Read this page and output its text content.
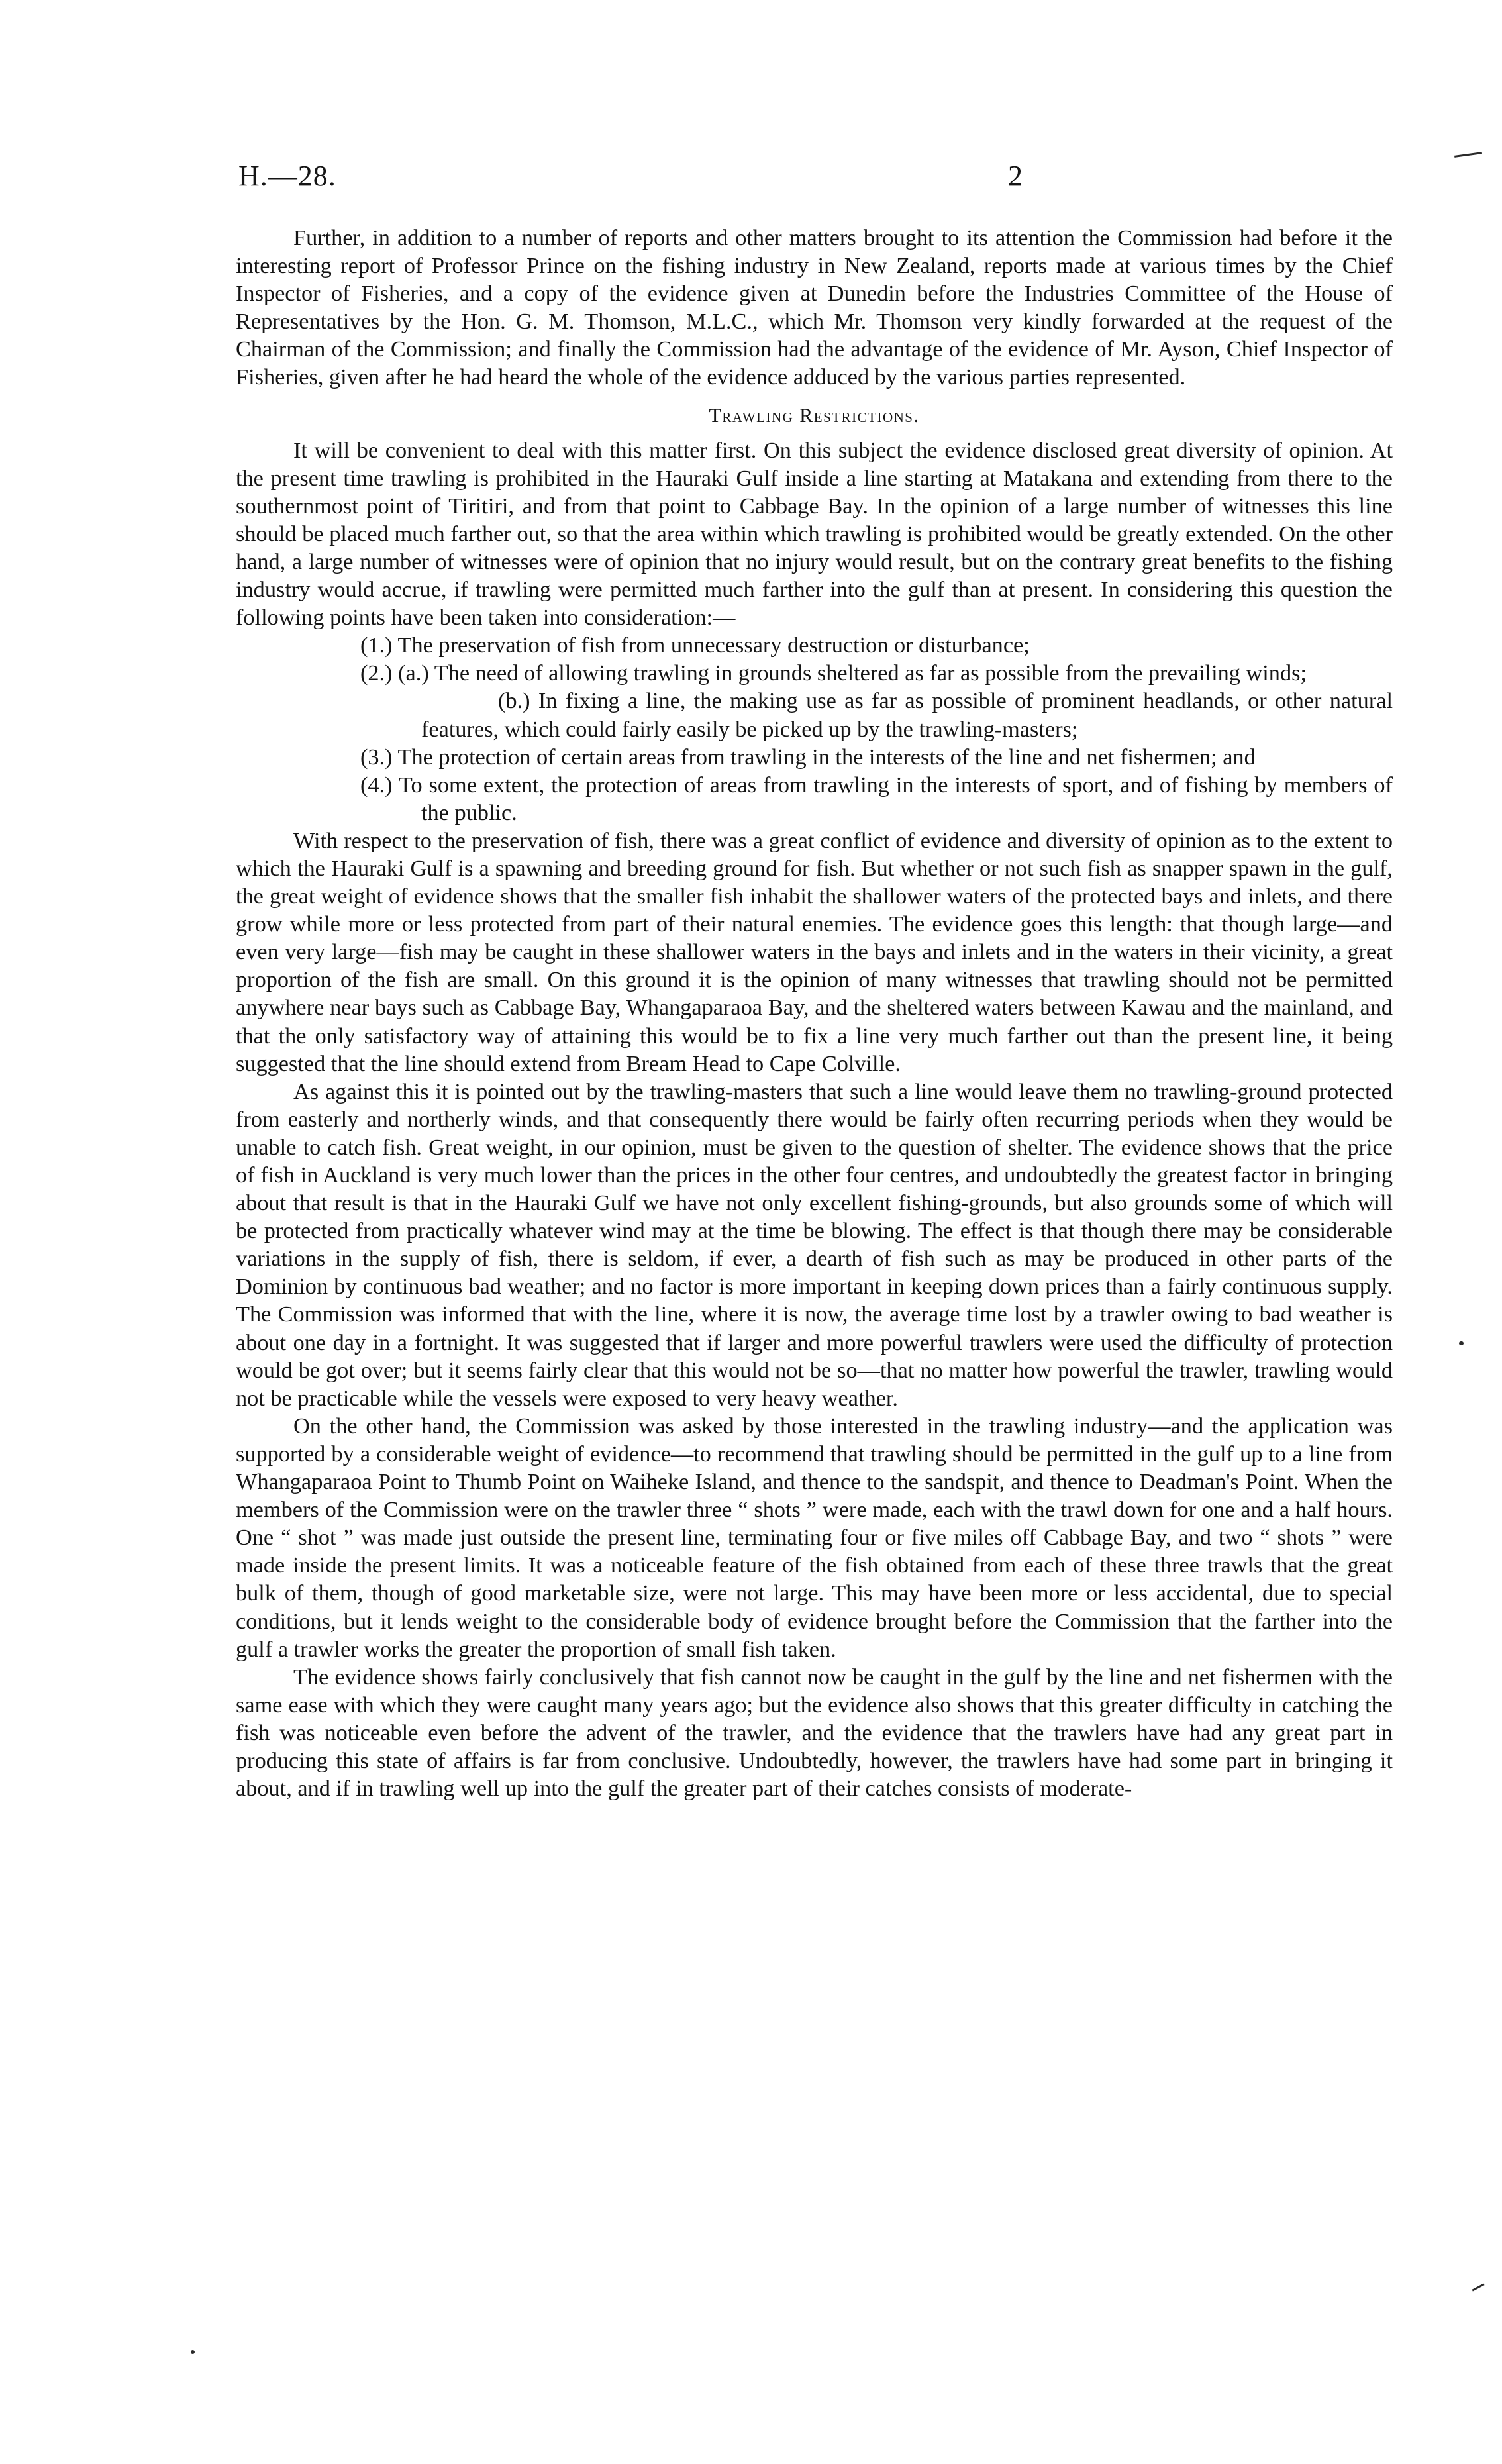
H.—28.	2

Further, in addition to a number of reports and other matters brought to its attention the Commission had before it the interesting report of Professor Prince on the fishing industry in New Zealand, reports made at various times by the Chief Inspector of Fisheries, and a copy of the evidence given at Dunedin before the Industries Committee of the House of Representatives by the Hon. G. M. Thomson, M.L.C., which Mr. Thomson very kindly forwarded at the request of the Chairman of the Commission; and finally the Commission had the advantage of the evidence of Mr. Ayson, Chief Inspector of Fisheries, given after he had heard the whole of the evidence adduced by the various parties represented.

Trawling Restrictions.

It will be convenient to deal with this matter first. On this subject the evidence disclosed great diversity of opinion. At the present time trawling is prohibited in the Hauraki Gulf inside a line starting at Matakana and extending from there to the southernmost point of Tiritiri, and from that point to Cabbage Bay. In the opinion of a large number of witnesses this line should be placed much farther out, so that the area within which trawling is prohibited would be greatly extended. On the other hand, a large number of witnesses were of opinion that no injury would result, but on the contrary great benefits to the fishing industry would accrue, if trawling were permitted much farther into the gulf than at present. In considering this question the following points have been taken into consideration:—

(1.) The preservation of fish from unnecessary destruction or disturbance;
(2.) (a.) The need of allowing trawling in grounds sheltered as far as possible from the prevailing winds;
(b.) In fixing a line, the making use as far as possible of prominent headlands, or other natural features, which could fairly easily be picked up by the trawling-masters;
(3.) The protection of certain areas from trawling in the interests of the line and net fishermen; and
(4.) To some extent, the protection of areas from trawling in the interests of sport, and of fishing by members of the public.

With respect to the preservation of fish, there was a great conflict of evidence and diversity of opinion as to the extent to which the Hauraki Gulf is a spawning and breeding ground for fish. But whether or not such fish as snapper spawn in the gulf, the great weight of evidence shows that the smaller fish inhabit the shallower waters of the protected bays and inlets, and there grow while more or less protected from part of their natural enemies. The evidence goes this length: that though large—and even very large—fish may be caught in these shallower waters in the bays and inlets and in the waters in their vicinity, a great proportion of the fish are small. On this ground it is the opinion of many witnesses that trawling should not be permitted anywhere near bays such as Cabbage Bay, Whangaparaoa Bay, and the sheltered waters between Kawau and the mainland, and that the only satisfactory way of attaining this would be to fix a line very much farther out than the present line, it being suggested that the line should extend from Bream Head to Cape Colville.

As against this it is pointed out by the trawling-masters that such a line would leave them no trawling-ground protected from easterly and northerly winds, and that consequently there would be fairly often recurring periods when they would be unable to catch fish. Great weight, in our opinion, must be given to the question of shelter. The evidence shows that the price of fish in Auckland is very much lower than the prices in the other four centres, and undoubtedly the greatest factor in bringing about that result is that in the Hauraki Gulf we have not only excellent fishing-grounds, but also grounds some of which will be protected from practically whatever wind may at the time be blowing. The effect is that though there may be considerable variations in the supply of fish, there is seldom, if ever, a dearth of fish such as may be produced in other parts of the Dominion by continuous bad weather; and no factor is more important in keeping down prices than a fairly continuous supply. The Commission was informed that with the line, where it is now, the average time lost by a trawler owing to bad weather is about one day in a fortnight. It was suggested that if larger and more powerful trawlers were used the difficulty of protection would be got over; but it seems fairly clear that this would not be so—that no matter how powerful the trawler, trawling would not be practicable while the vessels were exposed to very heavy weather.

On the other hand, the Commission was asked by those interested in the trawling industry—and the application was supported by a considerable weight of evidence—to recommend that trawling should be permitted in the gulf up to a line from Whangaparaoa Point to Thumb Point on Waiheke Island, and thence to the sandspit, and thence to Deadman's Point. When the members of the Commission were on the trawler three “ shots ” were made, each with the trawl down for one and a half hours. One “ shot ” was made just outside the present line, terminating four or five miles off Cabbage Bay, and two “ shots ” were made inside the present limits. It was a noticeable feature of the fish obtained from each of these three trawls that the great bulk of them, though of good marketable size, were not large. This may have been more or less accidental, due to special conditions, but it lends weight to the considerable body of evidence brought before the Commission that the farther into the gulf a trawler works the greater the proportion of small fish taken.

The evidence shows fairly conclusively that fish cannot now be caught in the gulf by the line and net fishermen with the same ease with which they were caught many years ago; but the evidence also shows that this greater difficulty in catching the fish was noticeable even before the advent of the trawler, and the evidence that the trawlers have had any great part in producing this state of affairs is far from conclusive. Undoubtedly, however, the trawlers have had some part in bringing it about, and if in trawling well up into the gulf the greater part of their catches consists of moderate-
